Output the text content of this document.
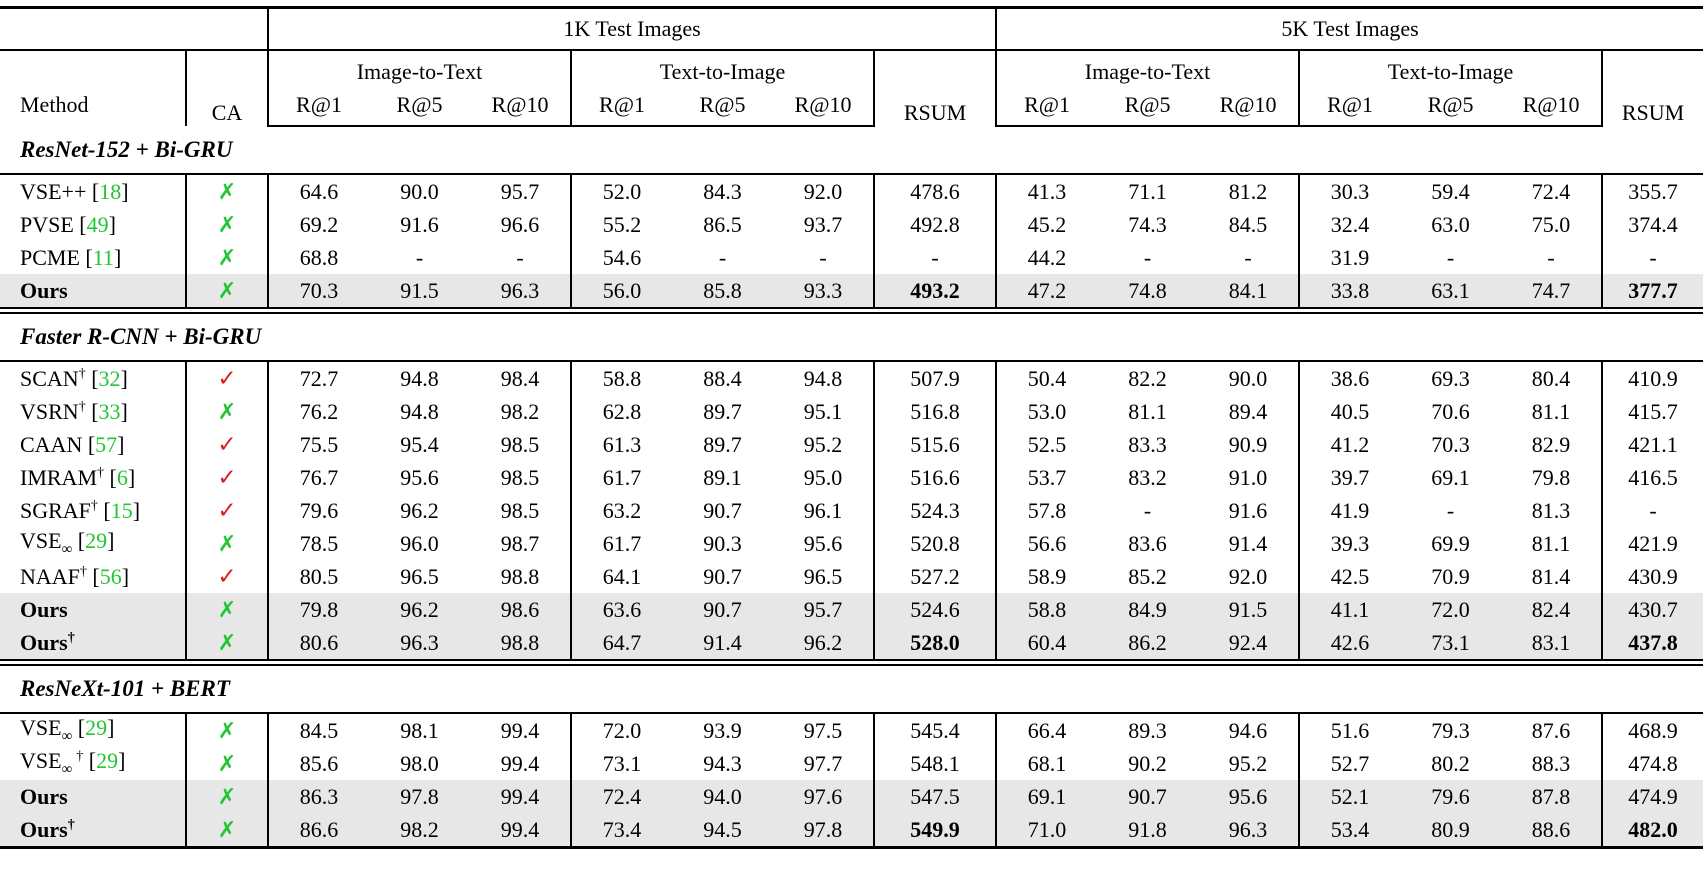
		1K Test Images							5K Test Images						
Method	CA	Image-to-Text			Text-to-Image			RSUM	Image-to-Text			Text-to-Image			RSUM
		R@1	R@5	R@10	R@1	R@5	R@10		R@1	R@5	R@10	R@1	R@5	R@10	
ResNet-152 + Bi-GRU															
VSE++ [18]	✗	64.6	90.0	95.7	52.0	84.3	92.0	478.6	41.3	71.1	81.2	30.3	59.4	72.4	355.7
PVSE [49]	✗	69.2	91.6	96.6	55.2	86.5	93.7	492.8	45.2	74.3	84.5	32.4	63.0	75.0	374.4
PCME [11]	✗	68.8	-	-	54.6	-	-	-	44.2	-	-	31.9	-	-	-
Ours	✗	70.3	91.5	96.3	56.0	85.8	93.3	493.2	47.2	74.8	84.1	33.8	63.1	74.7	377.7
Faster R-CNN + Bi-GRU															
SCAN† [32]	✓	72.7	94.8	98.4	58.8	88.4	94.8	507.9	50.4	82.2	90.0	38.6	69.3	80.4	410.9
VSRN† [33]	✗	76.2	94.8	98.2	62.8	89.7	95.1	516.8	53.0	81.1	89.4	40.5	70.6	81.1	415.7
CAAN [57]	✓	75.5	95.4	98.5	61.3	89.7	95.2	515.6	52.5	83.3	90.9	41.2	70.3	82.9	421.1
IMRAM† [6]	✓	76.7	95.6	98.5	61.7	89.1	95.0	516.6	53.7	83.2	91.0	39.7	69.1	79.8	416.5
SGRAF† [15]	✓	79.6	96.2	98.5	63.2	90.7	96.1	524.3	57.8	-	91.6	41.9	-	81.3	-
$VSE_\infty$ [29]	✗	78.5	96.0	98.7	61.7	90.3	95.6	520.8	56.6	83.6	91.4	39.3	69.9	81.1	421.9
NAAF† [56]	✓	80.5	96.5	98.8	64.1	90.7	96.5	527.2	58.9	85.2	92.0	42.5	70.9	81.4	430.9
Ours	✗	79.8	96.2	98.6	63.6	90.7	95.7	524.6	58.8	84.9	91.5	41.1	72.0	82.4	430.7
Ours†	✗	80.6	96.3	98.8	64.7	91.4	96.2	528.0	60.4	86.2	92.4	42.6	73.1	83.1	437.8
ResNeXt-101 + BERT															
$VSE_\infty$ [29]	✗	84.5	98.1	99.4	72.0	93.9	97.5	545.4	66.4	89.3	94.6	51.6	79.3	87.6	468.9
$VSE_\infty^\dagger$ [29]	✗	85.6	98.0	99.4	73.1	94.3	97.7	548.1	68.1	90.2	95.2	52.7	80.2	88.3	474.8
Ours	✗	86.3	97.8	99.4	72.4	94.0	97.6	547.5	69.1	90.7	95.6	52.1	79.6	87.8	474.9
Ours†	✗	86.6	98.2	99.4	73.4	94.5	97.8	549.9	71.0	91.8	96.3	53.4	80.9	88.6	482.0
